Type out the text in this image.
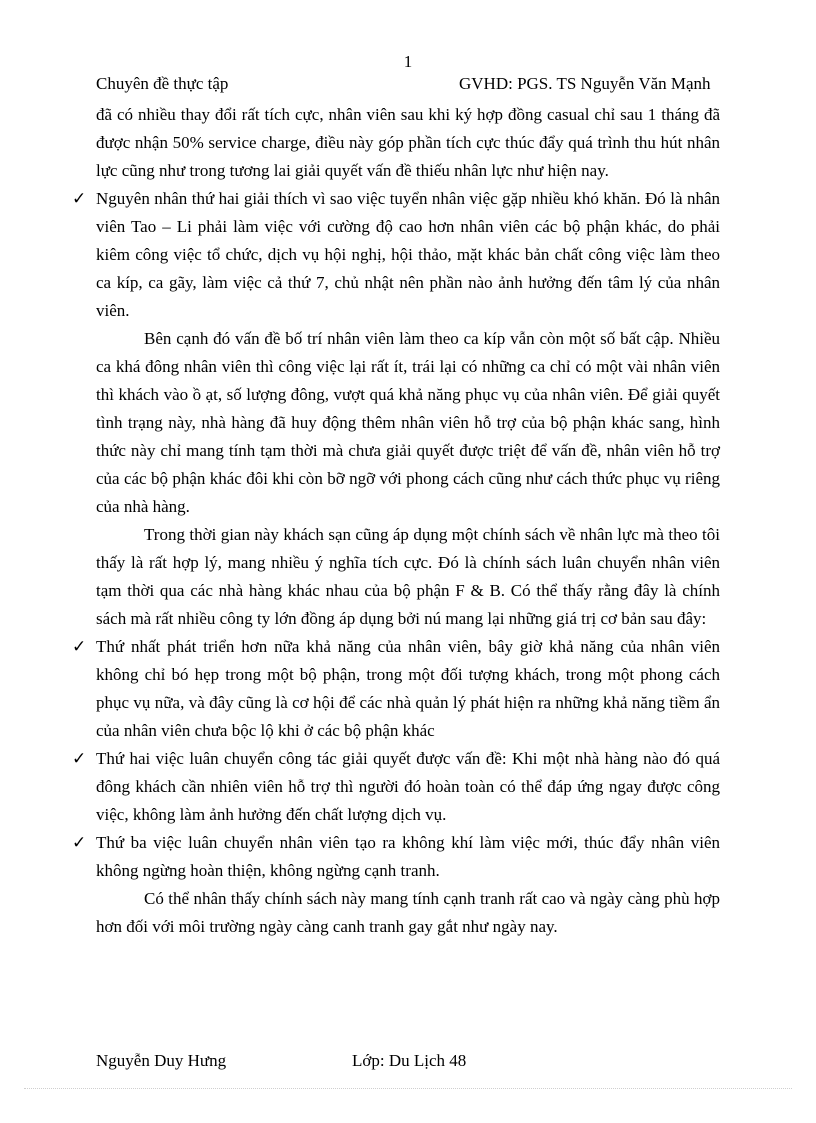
1
Chuyên đề thực tập	GVHD: PGS. TS Nguyễn Văn Mạnh

đã có nhiều thay đổi rất tích cực, nhân viên sau khi ký hợp đồng casual chỉ sau 1 tháng đã được nhận 50% service charge, điều này góp phần tích cực thúc đẩy quá trình thu hút nhân lực cũng như trong tương lai giải quyết vấn đề thiếu nhân lực như hiện nay.

✓ Nguyên nhân thứ hai giải thích vì sao việc tuyển nhân việc gặp nhiều khó khăn. Đó là nhân viên Tao – Li phải làm việc với cường độ cao hơn nhân viên các bộ phận khác, do phải kiêm công việc tổ chức, dịch vụ hội nghị, hội thảo, mặt khác bản chất công việc làm theo ca kíp, ca gãy, làm việc cả thứ 7, chủ nhật nên phần nào ảnh hưởng đến tâm lý của nhân viên.

Bên cạnh đó vấn đề bố trí nhân viên làm theo ca kíp vẫn còn một số bất cập. Nhiều ca khá đông nhân viên thì công việc lại rất ít, trái lại có những ca chỉ có một vài nhân viên thì khách vào ồ ạt, số lượng đông, vượt quá khả năng phục vụ của nhân viên. Để giải quyết tình trạng này, nhà hàng đã huy động thêm nhân viên hỗ trợ của bộ phận khác sang, hình thức này chỉ mang tính tạm thời mà chưa giải quyết được triệt để vấn đề, nhân viên hỗ trợ của các bộ phận khác đôi khi còn bỡ ngỡ với phong cách cũng như cách thức phục vụ riêng của nhà hàng.

Trong thời gian này khách sạn cũng áp dụng một chính sách về nhân lực mà theo tôi thấy là rất hợp lý, mang nhiều ý nghĩa tích cực. Đó là chính sách luân chuyển nhân viên tạm thời qua các nhà hàng khác nhau của bộ phận F & B. Có thể thấy rằng đây là chính sách mà rất nhiều công ty lớn đồng áp dụng bởi nú mang lại những giá trị cơ bản sau đây:

✓ Thứ nhất phát triển hơn nữa khả năng của nhân viên, bây giờ khả năng của nhân viên không chỉ bó hẹp trong một bộ phận, trong một đối tượng khách, trong một phong cách phục vụ nữa, và đây cũng là cơ hội để các nhà quản lý phát hiện ra những khả năng tiềm ẩn của nhân viên chưa bộc lộ khi ở các bộ phận khác

✓ Thứ hai việc luân chuyển công tác giải quyết được vấn đề: Khi một nhà hàng nào đó quá đông khách cần nhiên viên hỗ trợ thì người đó hoàn toàn có thể đáp ứng ngay được công việc, không làm ảnh hưởng đến chất lượng dịch vụ.

✓ Thứ ba việc luân chuyển nhân viên tạo ra không khí làm việc mới, thúc đẩy nhân viên không ngừng hoàn thiện, không ngừng cạnh tranh.

Có thể nhân thấy chính sách này mang tính cạnh tranh rất cao và ngày càng phù hợp hơn đối với môi trường ngày càng canh tranh gay gắt như ngày nay.

Nguyễn Duy Hưng	Lớp: Du Lịch 48
